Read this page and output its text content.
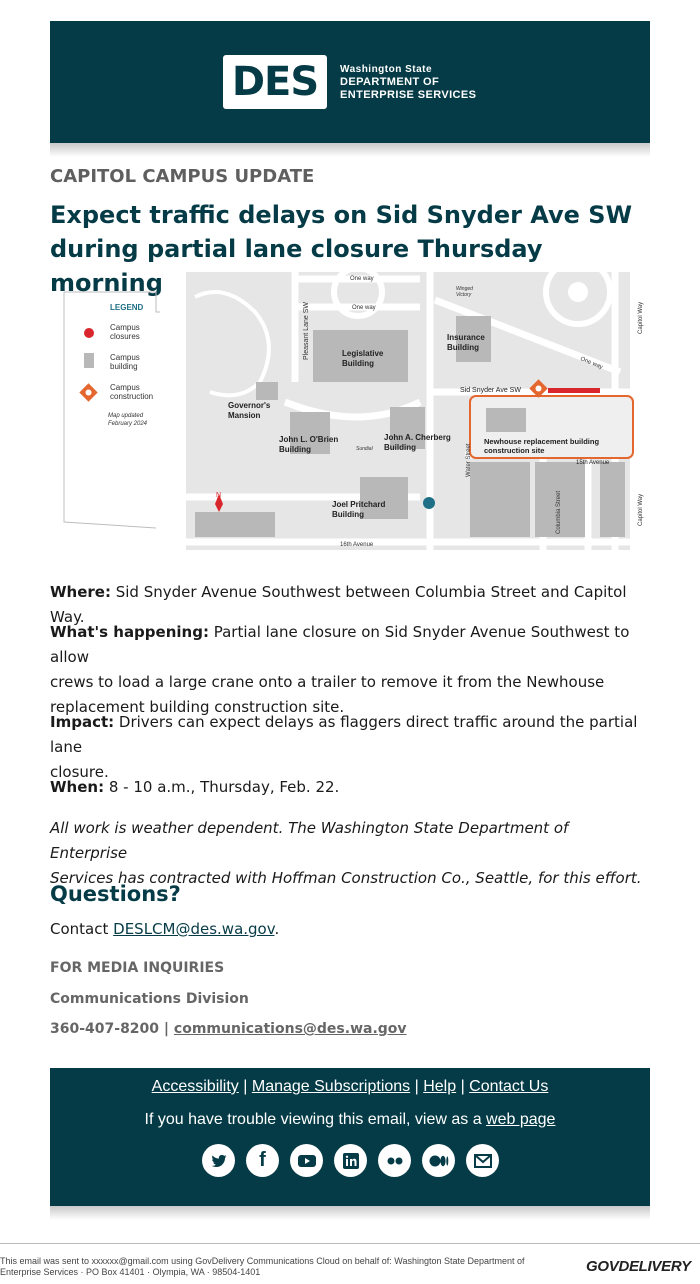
DES	Washington State
DEPARTMENT OF
ENTERPRISE SERVICES
CAPITOL CAMPUS UPDATE
Expect traffic delays on Sid Snyder Ave SW
during partial lane closure Thursday morning
LEGEND
Campus
closures
Campus
building
Campus
construction
Map updated
February 2024
N
One way
One way
One way
Winged
Victory
Pleasant Lane SW	Legislative
Building
Insurance
Building
Capitol Way
Sid Snyder Ave SW
Governor's
Mansion
John L. O'Brien
Building	Sundial
John A. Cherberg
Building	Water Street
Newhouse replacement building
construction site
15th Avenue
Joel Pritchard
Building	Columbia Street	Capitol Way
16th Avenue
Where: Sid Snyder Avenue Southwest between Columbia Street and Capitol Way.
What's happening: Partial lane closure on Sid Snyder Avenue Southwest to allow
crews to load a large crane onto a trailer to remove it from the Newhouse
replacement building construction site.
Impact: Drivers can expect delays as flaggers direct traffic around the partial lane
closure.
When: 8 - 10 a.m., Thursday, Feb. 22.
All work is weather dependent. The Washington State Department of Enterprise
Services has contracted with Hoffman Construction Co., Seattle, for this effort.
Questions?
Contact DESLCM@des.wa.gov.
FOR MEDIA INQUIRIES
Communications Division
360-407-8200 | communications@des.wa.gov
Accessibility | Manage Subscriptions | Help | Contact Us
If you have trouble viewing this email, view as a web page
f
This email was sent to xxxxxx@gmail.com using GovDelivery Communications Cloud on behalf of: Washington State Department of
Enterprise Services · PO Box 41401 · Olympia, WA · 98504-1401	GOVDELIVERY
